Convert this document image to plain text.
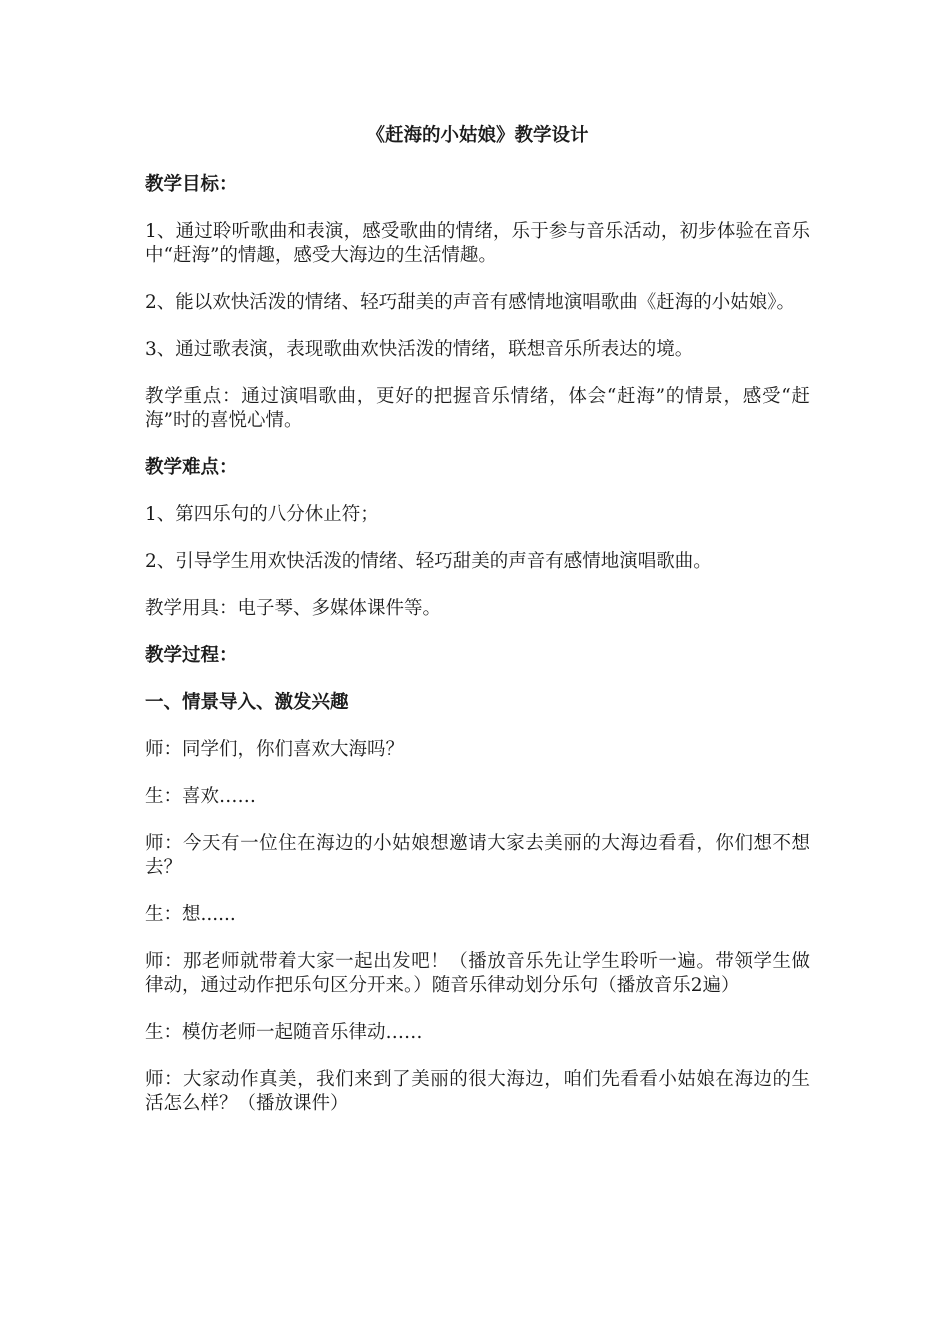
《赶海的小姑娘》教学设计
教学目标：
1、通过聆听歌曲和表演，感受歌曲的情绪，乐于参与音乐活动，初步体验在音乐中“赶海”的情趣，感受大海边的生活情趣。
2、能以欢快活泼的情绪、轻巧甜美的声音有感情地演唱歌曲《赶海的小姑娘》。
3、通过歌表演，表现歌曲欢快活泼的情绪，联想音乐所表达的境。
教学重点：通过演唱歌曲，更好的把握音乐情绪，体会“赶海”的情景，感受“赶海”时的喜悦心情。
教学难点：
1、第四乐句的八分休止符；
2、引导学生用欢快活泼的情绪、轻巧甜美的声音有感情地演唱歌曲。
教学用具：电子琴、多媒体课件等。
教学过程：
一、情景导入、激发兴趣
师：同学们，你们喜欢大海吗？
生：喜欢……
师：今天有一位住在海边的小姑娘想邀请大家去美丽的大海边看看，你们想不想去？
生：想......
师：那老师就带着大家一起出发吧！（播放音乐先让学生聆听一遍。带领学生做律动，通过动作把乐句区分开来。）随音乐律动划分乐句（播放音乐2遍）
生：模仿老师一起随音乐律动……
师：大家动作真美，我们来到了美丽的很大海边，咱们先看看小姑娘在海边的生活怎么样？（播放课件）
